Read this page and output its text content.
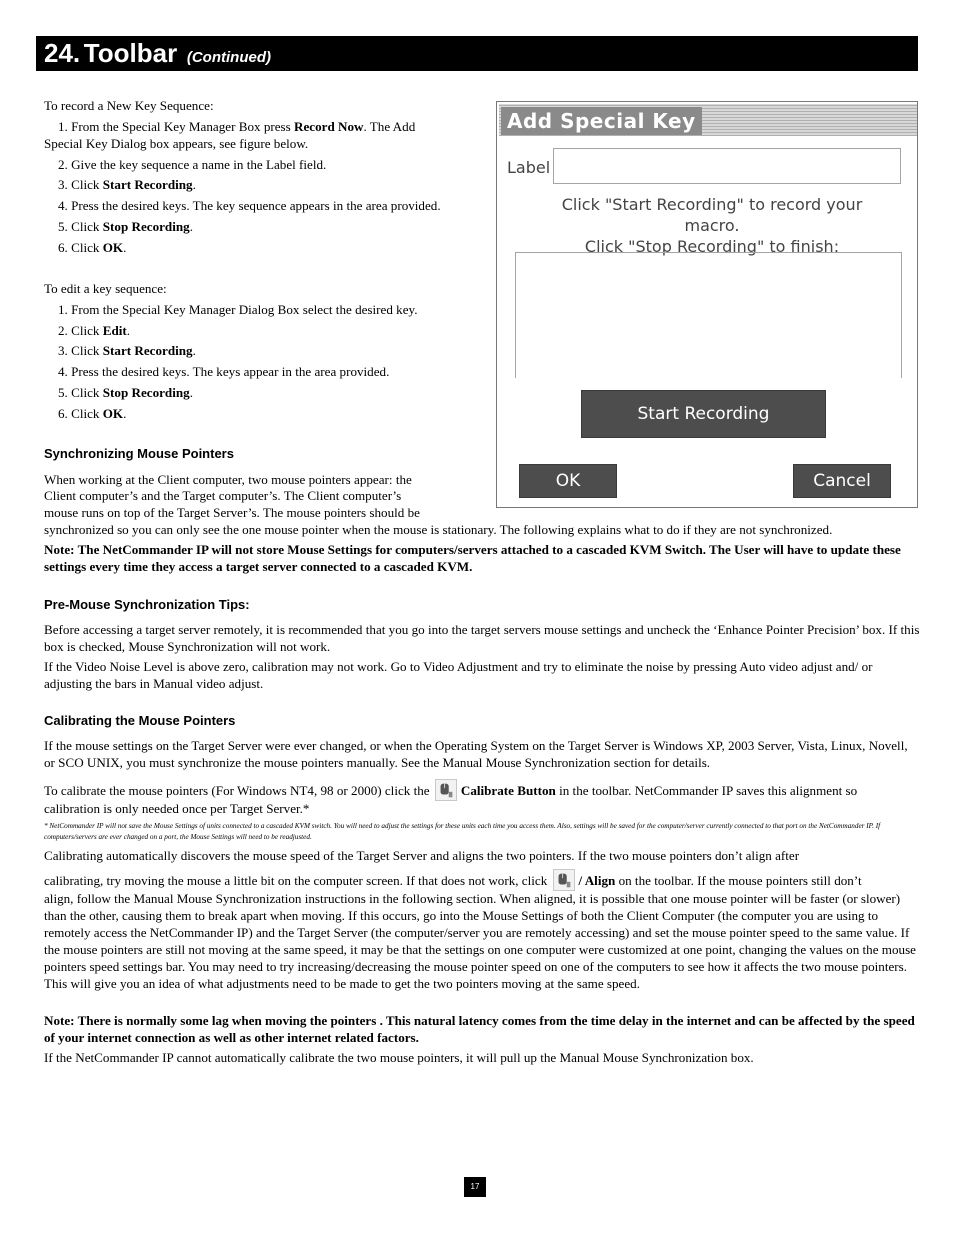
24. Toolbar (Continued)
To record a New Key Sequence:
1. From the Special Key Manager Box press Record Now. The Add
Special Key Dialog box appears, see figure below.
2. Give the key sequence a name in the Label field.
3. Click Start Recording.
4. Press the desired keys. The key sequence appears in the area provided.
5. Click Stop Recording.
6. Click OK.
To edit a key sequence:
1. From the Special Key Manager Dialog Box select the desired key.
2. Click Edit.
3. Click Start Recording.
4. Press the desired keys. The keys appear in the area provided.
5. Click Stop Recording.
6. Click OK.
Add Special Key
Label
Click "Start Recording" to record your macro.
Click "Stop Recording" to finish:
Start Recording
OK	Cancel
Synchronizing Mouse Pointers
When working at the Client computer, two mouse pointers appear: the
Client computer’s and the Target computer’s. The Client computer’s
mouse runs on top of the Target Server’s. The mouse pointers should be
synchronized so you can only see the one mouse pointer when the mouse is stationary. The following explains what to do if they are not synchronized.
Note: The NetCommander IP will not store Mouse Settings for computers/servers attached to a cascaded KVM Switch. The User will have to update these settings every time they access a target server connected to a cascaded KVM.
Pre-Mouse Synchronization Tips:
Before accessing a target server remotely, it is recommended that you go into the target servers mouse settings and uncheck the ‘Enhance Pointer Precision’ box. If this box is checked, Mouse Synchronization will not work.
If the Video Noise Level is above zero, calibration may not work. Go to Video Adjustment and try to eliminate the noise by pressing Auto video adjust and/ or adjusting the bars in Manual video adjust.
Calibrating the Mouse Pointers
If the mouse settings on the Target Server were ever changed, or when the Operating System on the Target Server is Windows XP, 2003 Server, Vista, Linux, Novell, or SCO UNIX, you must synchronize the mouse pointers manually. See the Manual Mouse Synchronization section for details.
To calibrate the mouse pointers (For Windows NT4, 98 or 2000) click the Calibrate Button in the toolbar. NetCommander IP saves this alignment so
calibration is only needed once per Target Server.*
* NetCommander IP will not save the Mouse Settings of units connected to a cascaded KVM switch. You will need to adjust the settings for these units each time you access them. Also, settings will be saved for the computer/server currently connected to that port on the NetCommander IP. If computers/servers are ever changed on a port, the Mouse Settings will need to be readjusted.
Calibrating automatically discovers the mouse speed of the Target Server and aligns the two pointers. If the two mouse pointers don’t align after
calibrating, try moving the mouse a little bit on the computer screen. If that does not work, click / Align on the toolbar. If the mouse pointers still don’t
align, follow the Manual Mouse Synchronization instructions in the following section. When aligned, it is possible that one mouse pointer will be faster (or slower) than the other, causing them to break apart when moving. If this occurs, go into the Mouse Settings of both the Client Computer (the computer you are using to remotely access the NetCommander IP) and the Target Server (the computer/server you are remotely accessing) and set the mouse pointer speed to the same value. If the mouse pointers are still not moving at the same speed, it may be that the settings on one computer were customized at one point, changing the values on the mouse pointers speed settings bar. You may need to try increasing/decreasing the mouse pointer speed on one of the computers to see how it affects the two mouse pointers. This will give you an idea of what adjustments need to be made to get the two pointers moving at the same speed.
Note: There is normally some lag when moving the pointers . This natural latency comes from the time delay in the internet and can be affected by the speed of your internet connection as well as other internet related factors.
If the NetCommander IP cannot automatically calibrate the two mouse pointers, it will pull up the Manual Mouse Synchronization box.
17
